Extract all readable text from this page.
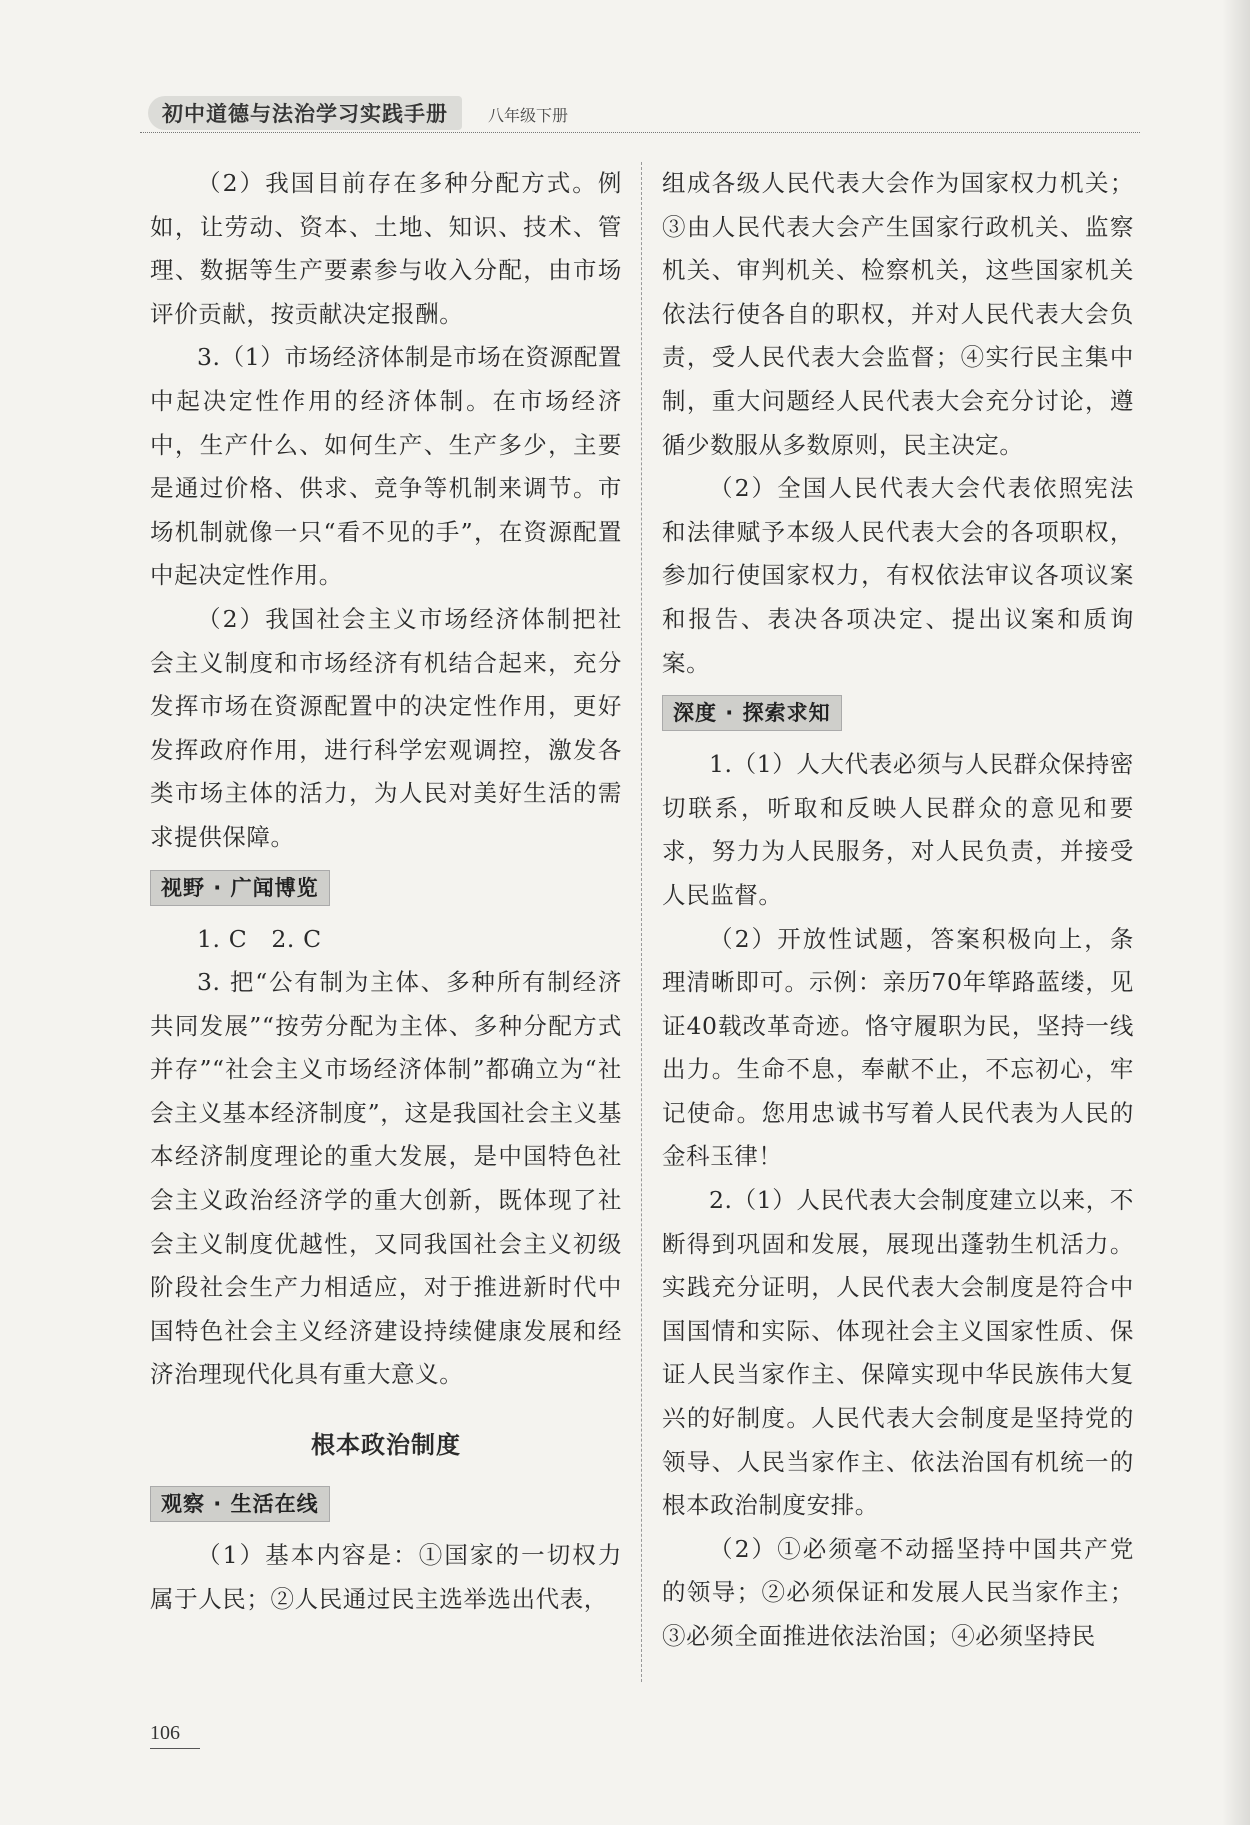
初中道德与法治学习实践手册	八年级下册

（2）我国目前存在多种分配方式。例如，让劳动、资本、土地、知识、技术、管理、数据等生产要素参与收入分配，由市场评价贡献，按贡献决定报酬。

3.（1）市场经济体制是市场在资源配置中起决定性作用的经济体制。在市场经济中，生产什么、如何生产、生产多少，主要是通过价格、供求、竞争等机制来调节。市场机制就像一只“看不见的手”，在资源配置中起决定性作用。

（2）我国社会主义市场经济体制把社会主义制度和市场经济有机结合起来，充分发挥市场在资源配置中的决定性作用，更好发挥政府作用，进行科学宏观调控，激发各类市场主体的活力，为人民对美好生活的需求提供保障。

视野 · 广闻博览

1. C　2. C

3. 把“公有制为主体、多种所有制经济共同发展”“按劳分配为主体、多种分配方式并存”“社会主义市场经济体制”都确立为“社会主义基本经济制度”，这是我国社会主义基本经济制度理论的重大发展，是中国特色社会主义政治经济学的重大创新，既体现了社会主义制度优越性，又同我国社会主义初级阶段社会生产力相适应，对于推进新时代中国特色社会主义经济建设持续健康发展和经济治理现代化具有重大意义。

根本政治制度
观察 · 生活在线

（1）基本内容是：①国家的一切权力属于人民；②人民通过民主选举选出代表，

组成各级人民代表大会作为国家权力机关；③由人民代表大会产生国家行政机关、监察机关、审判机关、检察机关，这些国家机关依法行使各自的职权，并对人民代表大会负责，受人民代表大会监督；④实行民主集中制，重大问题经人民代表大会充分讨论，遵循少数服从多数原则，民主决定。

（2）全国人民代表大会代表依照宪法和法律赋予本级人民代表大会的各项职权，参加行使国家权力，有权依法审议各项议案和报告、表决各项决定、提出议案和质询案。

深度 · 探索求知

1.（1）人大代表必须与人民群众保持密切联系，听取和反映人民群众的意见和要求，努力为人民服务，对人民负责，并接受人民监督。

（2）开放性试题，答案积极向上，条理清晰即可。示例：亲历70年筚路蓝缕，见证40载改革奇迹。恪守履职为民，坚持一线出力。生命不息，奉献不止，不忘初心，牢记使命。您用忠诚书写着人民代表为人民的金科玉律！

2.（1）人民代表大会制度建立以来，不断得到巩固和发展，展现出蓬勃生机活力。实践充分证明，人民代表大会制度是符合中国国情和实际、体现社会主义国家性质、保证人民当家作主、保障实现中华民族伟大复兴的好制度。人民代表大会制度是坚持党的领导、人民当家作主、依法治国有机统一的根本政治制度安排。

（2）①必须毫不动摇坚持中国共产党的领导；②必须保证和发展人民当家作主；③必须全面推进依法治国；④必须坚持民

106
